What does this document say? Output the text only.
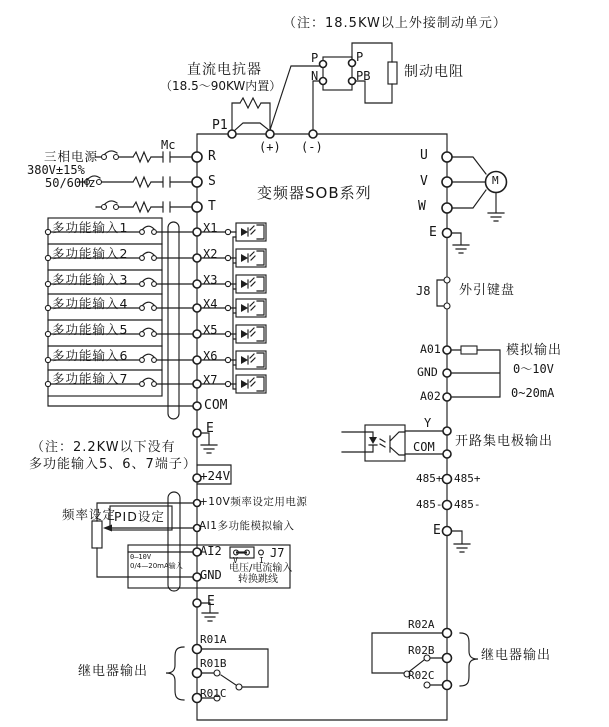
（注：18.5KW以上外接制动单元）
直流电抗器
（18.5～90KW内置）
P1
(+) (-)
P
N
P
PB 制动电阻
三相电源
380V±15%
50/60Hz
Mc
R
S
T
变频器SOB系列
多功能输入1
多功能输入2
多功能输入3
多功能输入4
多功能输入5
多功能输入6
多功能输入7
X1
X2
X3
X4
X5
X6
X7
COM
E
（注：2.2KW以下没有
多功能输入5、6、7端子）
+24V
+10V频率设定用电源
频率设定
PID设定
AI1多功能模拟输入
AI2
GND
0—10V
0/4—20mA输入
J7
V	I
电压/电流输入
转换跳线
E
R01A
R01B
R01C
继电器输出
U
V
W
M
E
J8 外引键盘
A01
GND
A02
模拟输出
0～10V
0~20mA
Y
COM 开路集电极输出
485+ 485+
485- 485-
E
R02A
R02B
R02C
继电器输出
